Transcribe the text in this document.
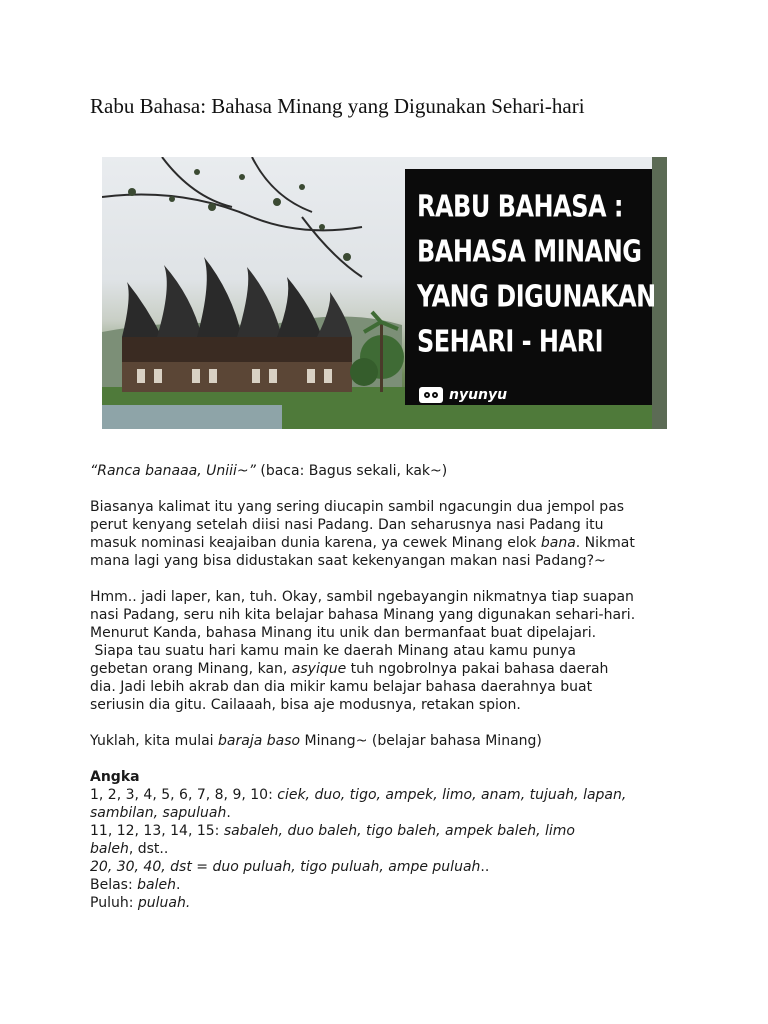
Rabu Bahasa: Bahasa Minang yang Digunakan Sehari-hari
RABU BAHASA :
BAHASA MINANG
YANG DIGUNAKAN
SEHARI - HARI
nyunyu

“Ranca banaaa, Uniii~” (baca: Bagus sekali, kak~)

Biasanya kalimat itu yang sering diucapin sambil ngacungin dua jempol pas
perut kenyang setelah diisi nasi Padang. Dan seharusnya nasi Padang itu
masuk nominasi keajaiban dunia karena, ya cewek Minang elok bana. Nikmat
mana lagi yang bisa didustakan saat kekenyangan makan nasi Padang?~

Hmm.. jadi laper, kan, tuh. Okay, sambil ngebayangin nikmatnya tiap suapan
nasi Padang, seru nih kita belajar bahasa Minang yang digunakan sehari-hari.
Menurut Kanda, bahasa Minang itu unik dan bermanfaat buat dipelajari.
Siapa tau suatu hari kamu main ke daerah Minang atau kamu punya
gebetan orang Minang, kan, asyique tuh ngobrolnya pakai bahasa daerah
dia. Jadi lebih akrab dan dia mikir kamu belajar bahasa daerahnya buat
seriusin dia gitu. Cailaaah, bisa aje modusnya, retakan spion.

Yuklah, kita mulai baraja baso Minang~ (belajar bahasa Minang)

Angka
1, 2, 3, 4, 5, 6, 7, 8, 9, 10: ciek, duo, tigo, ampek, limo, anam, tujuah, lapan,
sambilan, sapuluah.
11, 12, 13, 14, 15: sabaleh, duo baleh, tigo baleh, ampek baleh, limo
baleh, dst..
20, 30, 40, dst = duo puluah, tigo puluah, ampe puluah..
Belas: baleh.
Puluh: puluah.
